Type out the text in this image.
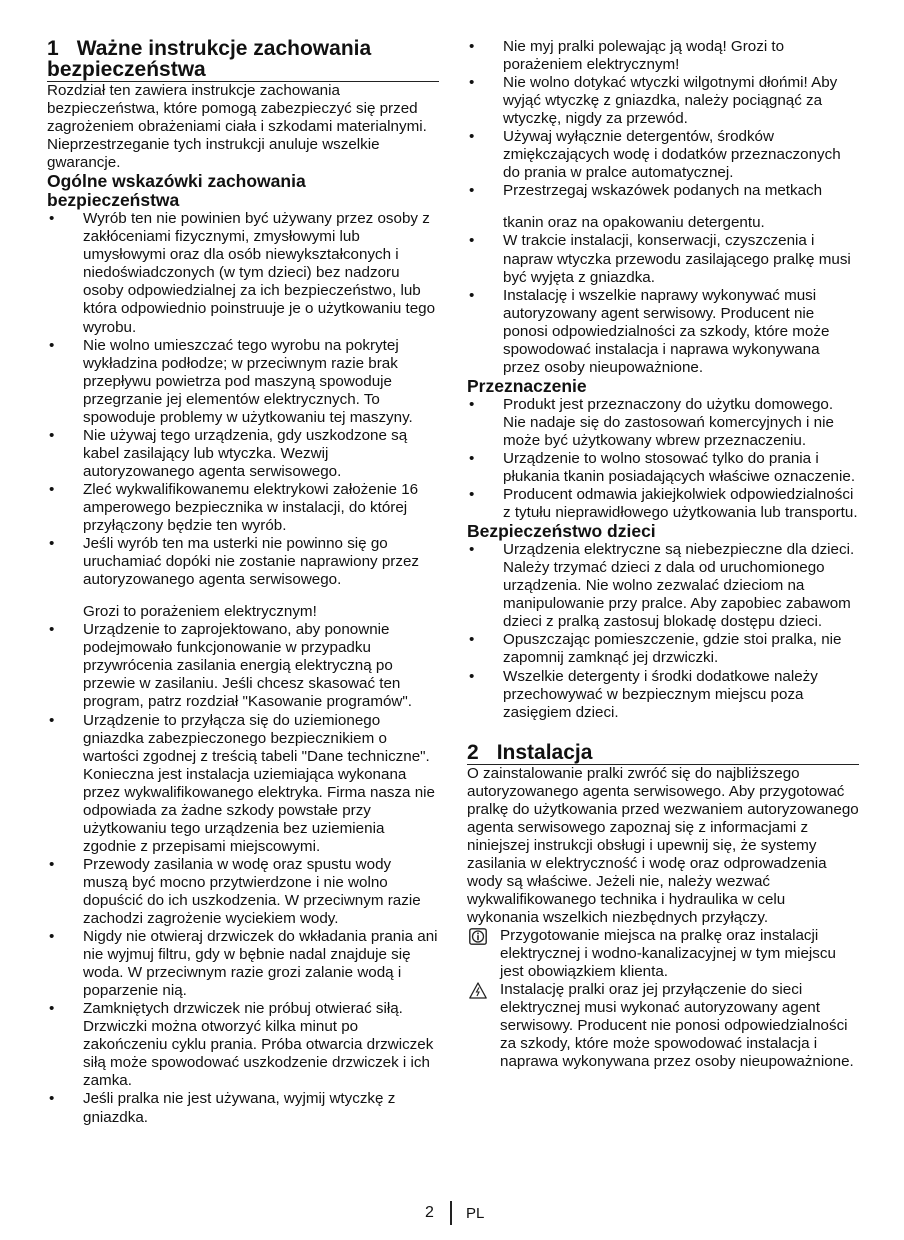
1 Ważne instrukcje zachowania bezpieczeństwa

Rozdział ten zawiera instrukcje zachowania bezpieczeństwa, które pomogą zabezpieczyć się przed zagrożeniem obrażeniami ciała i szkodami materialnymi. Nieprzestrzeganie tych instrukcji anuluje wszelkie gwarancje.

Ogólne wskazówki zachowania bezpieczeństwa
• Wyrób ten nie powinien być używany przez osoby z zakłóceniami fizycznymi, zmysłowymi lub umysłowymi oraz dla osób niewykształconych i niedoświadczonych (w tym dzieci) bez nadzoru osoby odpowiedzialnej za ich bezpieczeństwo, lub która odpowiednio poinstruuje je o użytkowaniu tego wyrobu.
• Nie wolno umieszczać tego wyrobu na pokrytej wykładzina podłodze; w przeciwnym razie brak przepływu powietrza pod maszyną spowoduje przegrzanie jej elementów elektrycznych. To spowoduje problemy w użytkowaniu tej maszyny.
• Nie używaj tego urządzenia, gdy uszkodzone są kabel zasilający lub wtyczka. Wezwij autoryzowanego agenta serwisowego.
• Zleć wykwalifikowanemu elektrykowi założenie 16 amperowego bezpiecznika w instalacji, do której przyłączony będzie ten wyrób.
• Jeśli wyrób ten ma usterki nie powinno się go uruchamiać dopóki nie zostanie naprawiony przez autoryzowanego agenta serwisowego.
Grozi to porażeniem elektrycznym!
• Urządzenie to zaprojektowano, aby ponownie podejmowało funkcjonowanie w przypadku przywrócenia zasilania energią elektryczną po przewie w zasilaniu. Jeśli chcesz skasować ten program, patrz rozdział "Kasowanie programów".
• Urządzenie to przyłącza się do uziemionego gniazdka zabezpieczonego bezpiecznikiem o wartości zgodnej z treścią tabeli "Dane techniczne". Konieczna jest instalacja uziemiająca wykonana przez wykwalifikowanego elektryka. Firma nasza nie odpowiada za żadne szkody powstałe przy użytkowaniu tego urządzenia bez uziemienia zgodnie z przepisami miejscowymi.
• Przewody zasilania w wodę oraz spustu wody muszą być mocno przytwierdzone i nie wolno dopuścić do ich uszkodzenia. W przeciwnym razie zachodzi zagrożenie wyciekiem wody.
• Nigdy nie otwieraj drzwiczek do wkładania prania ani nie wyjmuj filtru, gdy w bębnie nadal znajduje się woda. W przeciwnym razie grozi zalanie wodą i poparzenie nią.
• Zamkniętych drzwiczek nie próbuj otwierać siłą. Drzwiczki można otworzyć kilka minut po zakończeniu cyklu prania. Próba otwarcia drzwiczek siłą może spowodować uszkodzenie drzwiczek i ich zamka.
• Jeśli pralka nie jest używana, wyjmij wtyczkę z gniazdka.
• Nie myj pralki polewając ją wodą! Grozi to porażeniem elektrycznym!
• Nie wolno dotykać wtyczki wilgotnymi dłońmi! Aby wyjąć wtyczkę z gniazdka, należy pociągnąć za wtyczkę, nigdy za przewód.
• Używaj wyłącznie detergentów, środków zmiękczających wodę i dodatków przeznaczonych do prania w pralce automatycznej.
• Przestrzegaj wskazówek podanych na metkach
tkanin oraz na opakowaniu detergentu.
• W trakcie instalacji, konserwacji, czyszczenia i napraw wtyczka przewodu zasilającego pralkę musi być wyjęta z gniazdka.
• Instalację i wszelkie naprawy wykonywać musi autoryzowany agent serwisowy. Producent nie ponosi odpowiedzialności za szkody, które może spowodować instalacja i naprawa wykonywana przez osoby nieupoważnione.
Przeznaczenie
• Produkt jest przeznaczony do użytku domowego. Nie nadaje się do zastosowań komercyjnych i nie może być użytkowany wbrew przeznaczeniu.
• Urządzenie to wolno stosować tylko do prania i płukania tkanin posiadających właściwe oznaczenie.
• Producent odmawia jakiejkolwiek odpowiedzialności z tytułu nieprawidłowego użytkowania lub transportu.
Bezpieczeństwo dzieci
• Urządzenia elektryczne są niebezpieczne dla dzieci. Należy trzymać dzieci z dala od uruchomionego urządzenia. Nie wolno zezwalać dzieciom na manipulowanie przy pralce. Aby zapobiec zabawom dzieci z pralką zastosuj blokadę dostępu dzieci.
• Opuszczając pomieszczenie, gdzie stoi pralka, nie zapomnij zamknąć jej drzwiczki.
• Wszelkie detergenty i środki dodatkowe należy przechowywać w bezpiecznym miejscu poza zasięgiem dzieci.
2 Instalacja

O zainstalowanie pralki zwróć się do najbliższego autoryzowanego agenta serwisowego. Aby przygotować pralkę do użytkowania przed wezwaniem autoryzowanego agenta serwisowego zapoznaj się z informacjami z niniejszej instrukcji obsługi i upewnij się, że systemy zasilania w elektryczność i wodę oraz odprowadzenia wody są właściwe. Jeżeli nie, należy wezwać wykwalifikowanego technika i hydraulika w celu wykonania wszelkich niezbędnych przyłączy.

Przygotowanie miejsca na pralkę oraz instalacji elektrycznej i wodno-kanalizacyjnej w tym miejscu jest obowiązkiem klienta.
Instalację pralki oraz jej przyłączenie do sieci elektrycznej musi wykonać autoryzowany agent serwisowy. Producent nie ponosi odpowiedzialności za szkody, które może spowodować instalacja i naprawa wykonywana przez osoby nieupoważnione.
2 PL
